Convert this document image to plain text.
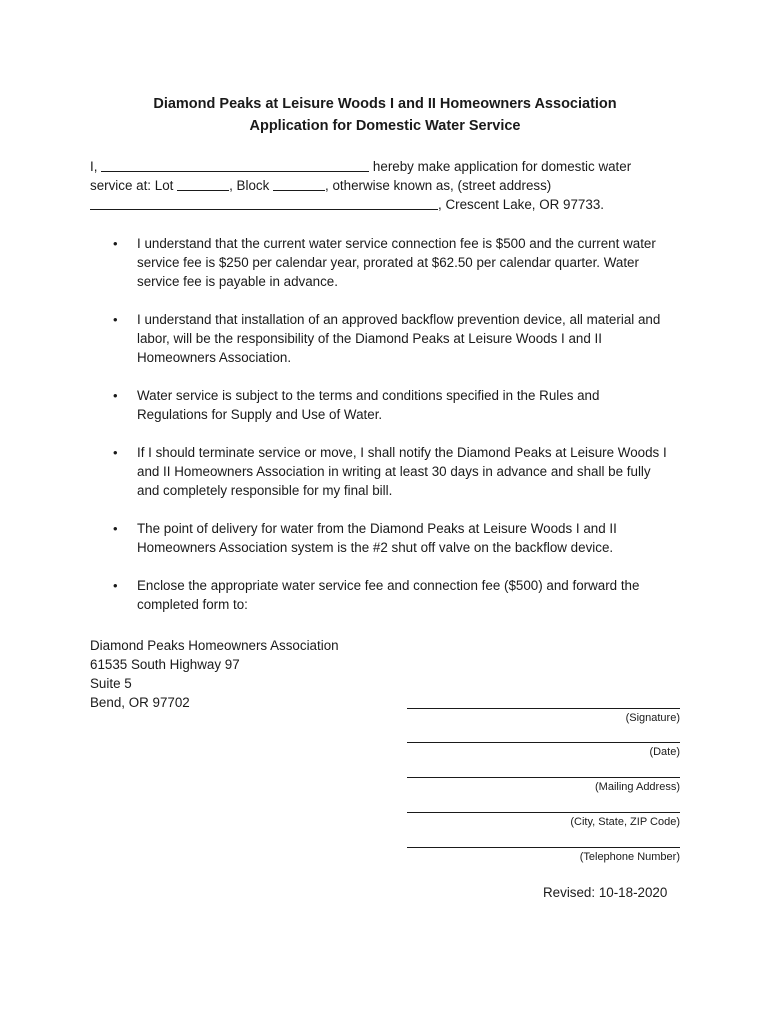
Diamond Peaks at Leisure Woods I and II Homeowners Association
Application for Domestic Water Service
I,	hereby make application for domestic water
service at: Lot	, Block	, otherwise known as, (street address)
, Crescent Lake, OR 97733.
• I understand that the current water service connection fee is $500 and the current water service fee is $250 per calendar year, prorated at $62.50 per calendar quarter. Water service fee is payable in advance.
• I understand that installation of an approved backflow prevention device, all material and labor, will be the responsibility of the Diamond Peaks at Leisure Woods I and II Homeowners Association.
• Water service is subject to the terms and conditions specified in the Rules and Regulations for Supply and Use of Water.
• If I should terminate service or move, I shall notify the Diamond Peaks at Leisure Woods I and II Homeowners Association in writing at least 30 days in advance and shall be fully and completely responsible for my final bill.
• The point of delivery for water from the Diamond Peaks at Leisure Woods I and II Homeowners Association system is the #2 shut off valve on the backflow device.
• Enclose the appropriate water service fee and connection fee ($500) and forward the completed form to:
Diamond Peaks Homeowners Association
61535 South Highway 97
Suite 5
Bend, OR 97702
(Signature)
(Date)
(Mailing Address)
(City, State, ZIP Code)
(Telephone Number)
Revised: 10-18-2020
